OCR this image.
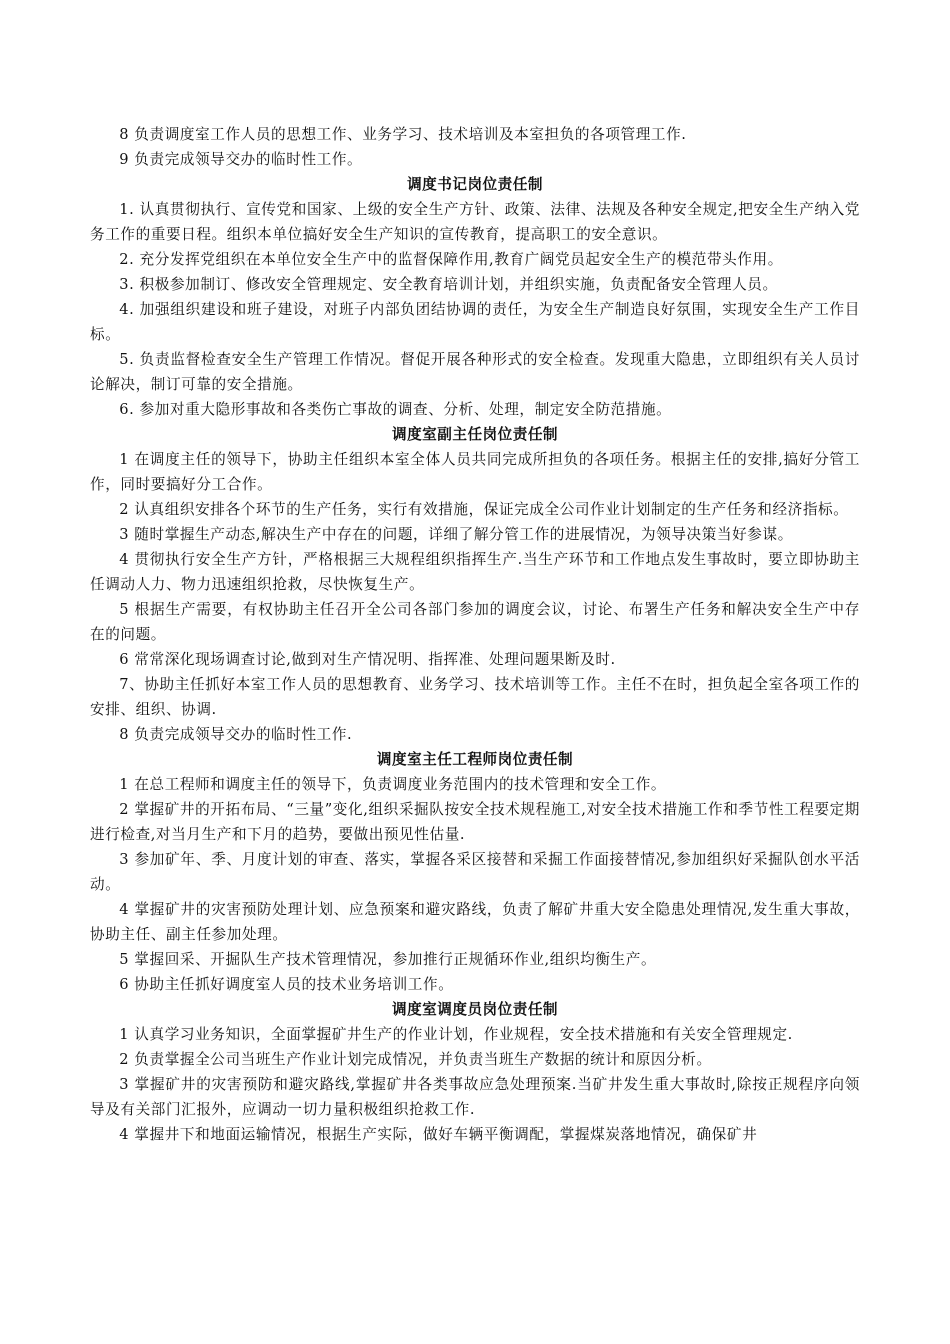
8 负责调度室工作人员的思想工作、业务学习、技术培训及本室担负的各项管理工作.

9 负责完成领导交办的临时性工作。

调度书记岗位责任制

1. 认真贯彻执行、宣传党和国家、上级的安全生产方针、政策、法律、法规及各种安全规定,把安全生产纳入党务工作的重要日程。组织本单位搞好安全生产知识的宣传教育，提高职工的安全意识。

2. 充分发挥党组织在本单位安全生产中的监督保障作用,教育广阔党员起安全生产的模范带头作用。

3. 积极参加制订、修改安全管理规定、安全教育培训计划，并组织实施，负责配备安全管理人员。

4. 加强组织建设和班子建设，对班子内部负团结协调的责任，为安全生产制造良好氛围，实现安全生产工作目标。

5. 负责监督检查安全生产管理工作情况。督促开展各种形式的安全检查。发现重大隐患，立即组织有关人员讨论解决，制订可靠的安全措施。

6. 参加对重大隐形事故和各类伤亡事故的调查、分析、处理，制定安全防范措施。

调度室副主任岗位责任制

1 在调度主任的领导下，协助主任组织本室全体人员共同完成所担负的各项任务。根据主任的安排,搞好分管工作，同时要搞好分工合作。

2 认真组织安排各个环节的生产任务，实行有效措施，保证完成全公司作业计划制定的生产任务和经济指标。

3 随时掌握生产动态,解决生产中存在的问题，详细了解分管工作的进展情况，为领导决策当好参谋。

4 贯彻执行安全生产方针，严格根据三大规程组织指挥生产.当生产环节和工作地点发生事故时，要立即协助主任调动人力、物力迅速组织抢救，尽快恢复生产。

5 根据生产需要，有权协助主任召开全公司各部门参加的调度会议，讨论、布署生产任务和解决安全生产中存在的问题。

6 常常深化现场调查讨论,做到对生产情况明、指挥准、处理问题果断及时.

7、协助主任抓好本室工作人员的思想教育、业务学习、技术培训等工作。主任不在时，担负起全室各项工作的安排、组织、协调.

8 负责完成领导交办的临时性工作.

调度室主任工程师岗位责任制

1 在总工程师和调度主任的领导下，负责调度业务范围内的技术管理和安全工作。

2 掌握矿井的开拓布局、“三量”变化,组织采掘队按安全技术规程施工,对安全技术措施工作和季节性工程要定期进行检查,对当月生产和下月的趋势，要做出预见性估量.

3 参加矿年、季、月度计划的审查、落实，掌握各采区接替和采掘工作面接替情况,参加组织好采掘队创水平活动。

4 掌握矿井的灾害预防处理计划、应急预案和避灾路线，负责了解矿井重大安全隐患处理情况,发生重大事故，协助主任、副主任参加处理。

5 掌握回采、开掘队生产技术管理情况，参加推行正规循环作业,组织均衡生产。

6 协助主任抓好调度室人员的技术业务培训工作。

调度室调度员岗位责任制

1 认真学习业务知识，全面掌握矿井生产的作业计划，作业规程，安全技术措施和有关安全管理规定.

2 负责掌握全公司当班生产作业计划完成情况，并负责当班生产数据的统计和原因分析。

3 掌握矿井的灾害预防和避灾路线,掌握矿井各类事故应急处理预案.当矿井发生重大事故时,除按正规程序向领导及有关部门汇报外，应调动一切力量积极组织抢救工作.

4 掌握井下和地面运输情况，根据生产实际，做好车辆平衡调配，掌握煤炭落地情况，确保矿井
